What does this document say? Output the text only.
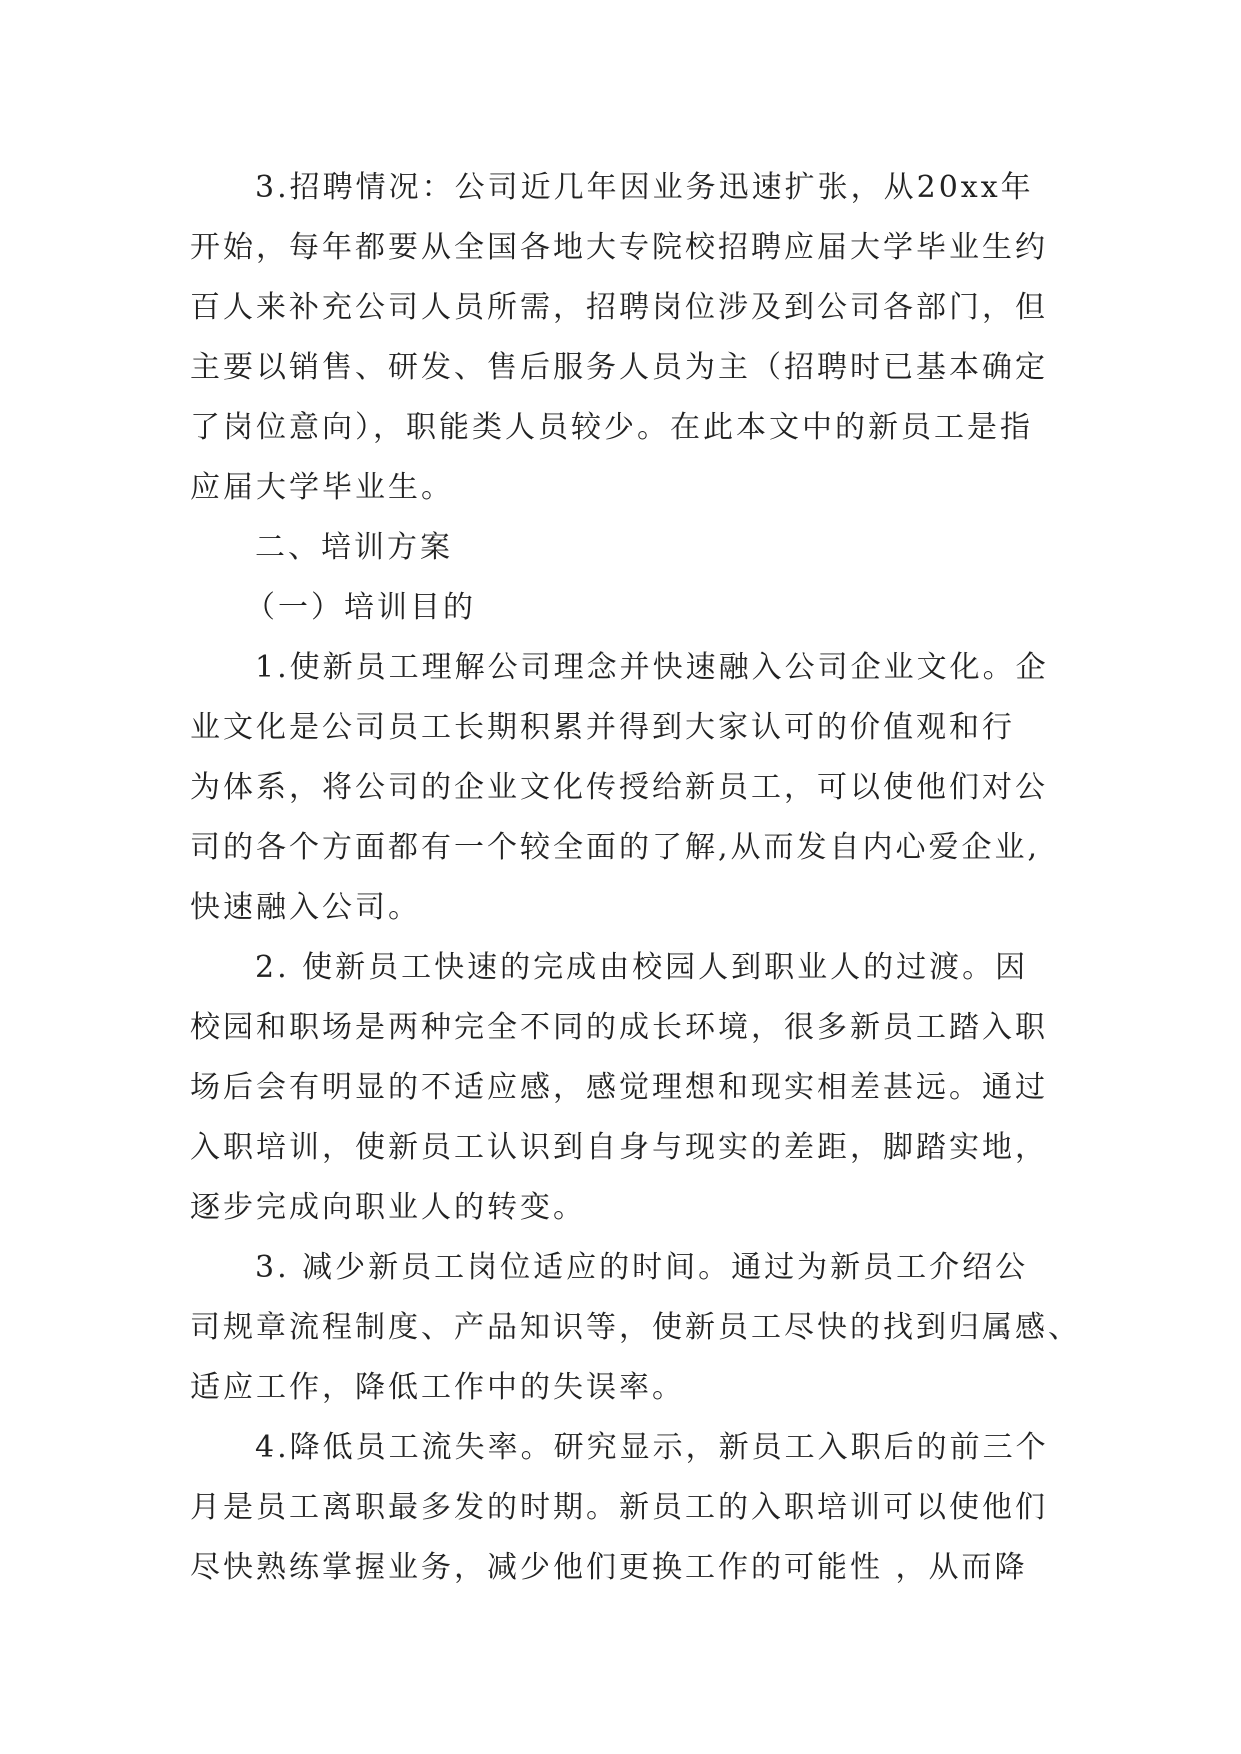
3.招聘情况：公司近几年因业务迅速扩张，从20xx年
开始，每年都要从全国各地大专院校招聘应届大学毕业生约
百人来补充公司人员所需，招聘岗位涉及到公司各部门，但
主要以销售、研发、售后服务人员为主（招聘时已基本确定
了岗位意向），职能类人员较少。在此本文中的新员工是指
应届大学毕业生。
二、培训方案
（一）培训目的
1.使新员工理解公司理念并快速融入公司企业文化。企
业文化是公司员工长期积累并得到大家认可的价值观和行
为体系，将公司的企业文化传授给新员工，可以使他们对公
司的各个方面都有一个较全面的了解,从而发自内心爱企业,
快速融入公司。
2. 使新员工快速的完成由校园人到职业人的过渡。因
校园和职场是两种完全不同的成长环境，很多新员工踏入职
场后会有明显的不适应感，感觉理想和现实相差甚远。通过
入职培训，使新员工认识到自身与现实的差距，脚踏实地，
逐步完成向职业人的转变。
3. 减少新员工岗位适应的时间。通过为新员工介绍公
司规章流程制度、产品知识等，使新员工尽快的找到归属感、
适应工作，降低工作中的失误率。
4.降低员工流失率。研究显示，新员工入职后的前三个
月是员工离职最多发的时期。新员工的入职培训可以使他们
尽快熟练掌握业务，减少他们更换工作的可能性 ，从而降
